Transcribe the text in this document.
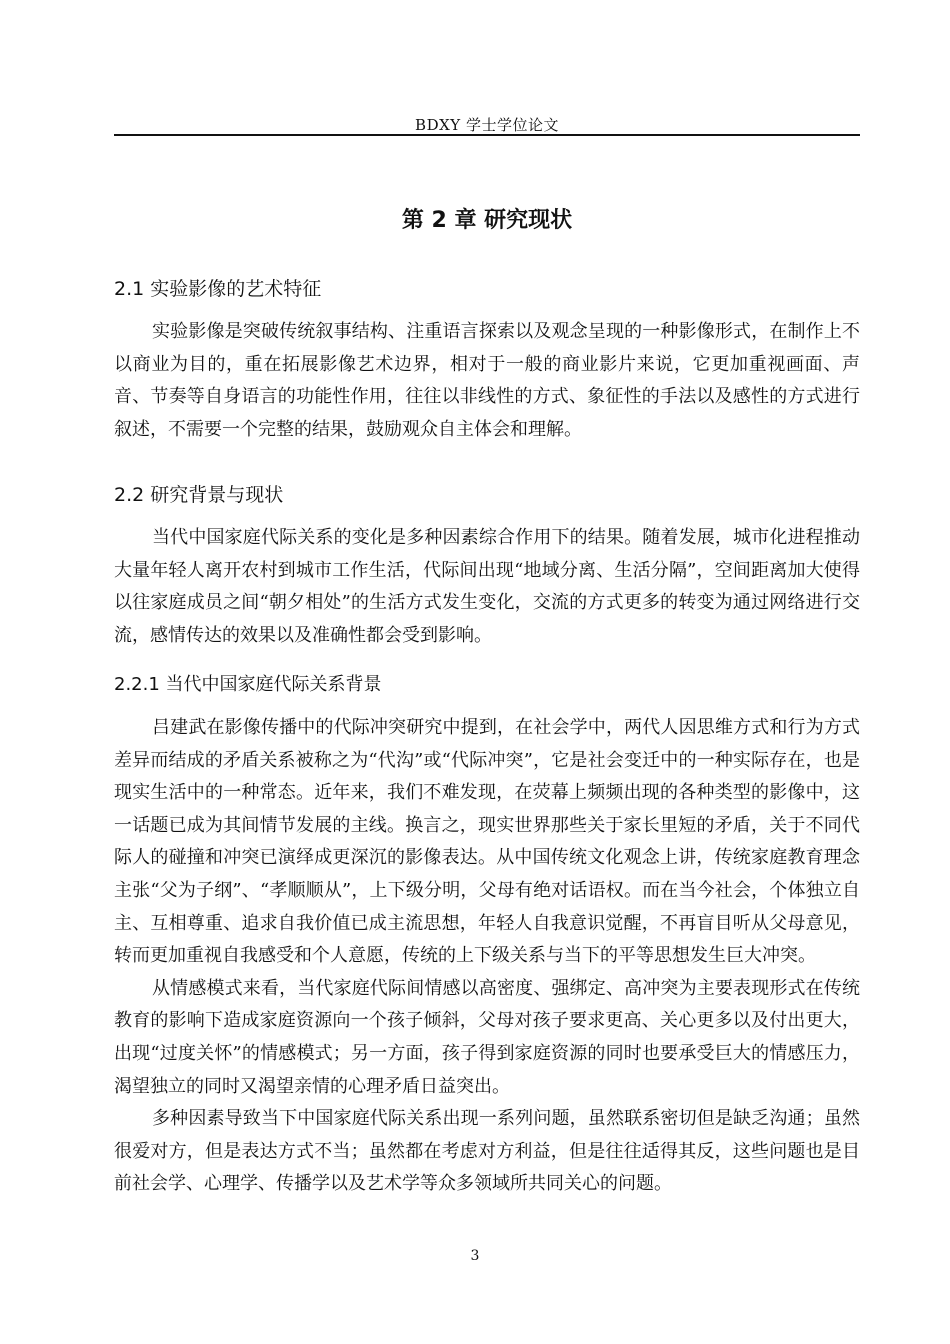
BDXY 学士学位论文
第 2 章 研究现状
2.1 实验影像的艺术特征

实验影像是突破传统叙事结构、注重语言探索以及观念呈现的一种影像形式，在制作上不以商业为目的，重在拓展影像艺术边界，相对于一般的商业影片来说，它更加重视画面、声音、节奏等自身语言的功能性作用，往往以非线性的方式、象征性的手法以及感性的方式进行叙述，不需要一个完整的结果，鼓励观众自主体会和理解。

2.2 研究背景与现状

当代中国家庭代际关系的变化是多种因素综合作用下的结果。随着发展，城市化进程推动大量年轻人离开农村到城市工作生活，代际间出现“地域分离、生活分隔”，空间距离加大使得以往家庭成员之间“朝夕相处”的生活方式发生变化，交流的方式更多的转变为通过网络进行交流，感情传达的效果以及准确性都会受到影响。

2.2.1 当代中国家庭代际关系背景

吕建武在影像传播中的代际冲突研究中提到，在社会学中，两代人因思维方式和行为方式差异而结成的矛盾关系被称之为“代沟”或“代际冲突”，它是社会变迁中的一种实际存在，也是现实生活中的一种常态。近年来，我们不难发现，在荧幕上频频出现的各种类型的影像中，这一话题已成为其间情节发展的主线。换言之，现实世界那些关于家长里短的矛盾，关于不同代际人的碰撞和冲突已演绎成更深沉的影像表达。从中国传统文化观念上讲，传统家庭教育理念主张“父为子纲”、“孝顺顺从”，上下级分明，父母有绝对话语权。而在当今社会，个体独立自主、互相尊重、追求自我价值已成主流思想，年轻人自我意识觉醒，不再盲目听从父母意见，转而更加重视自我感受和个人意愿，传统的上下级关系与当下的平等思想发生巨大冲突。

从情感模式来看，当代家庭代际间情感以高密度、强绑定、高冲突为主要表现形式在传统教育的影响下造成家庭资源向一个孩子倾斜，父母对孩子要求更高、关心更多以及付出更大，出现“过度关怀”的情感模式；另一方面，孩子得到家庭资源的同时也要承受巨大的情感压力，渴望独立的同时又渴望亲情的心理矛盾日益突出。

多种因素导致当下中国家庭代际关系出现一系列问题，虽然联系密切但是缺乏沟通；虽然很爱对方，但是表达方式不当；虽然都在考虑对方利益，但是往往适得其反，这些问题也是目前社会学、心理学、传播学以及艺术学等众多领域所共同关心的问题。

3
